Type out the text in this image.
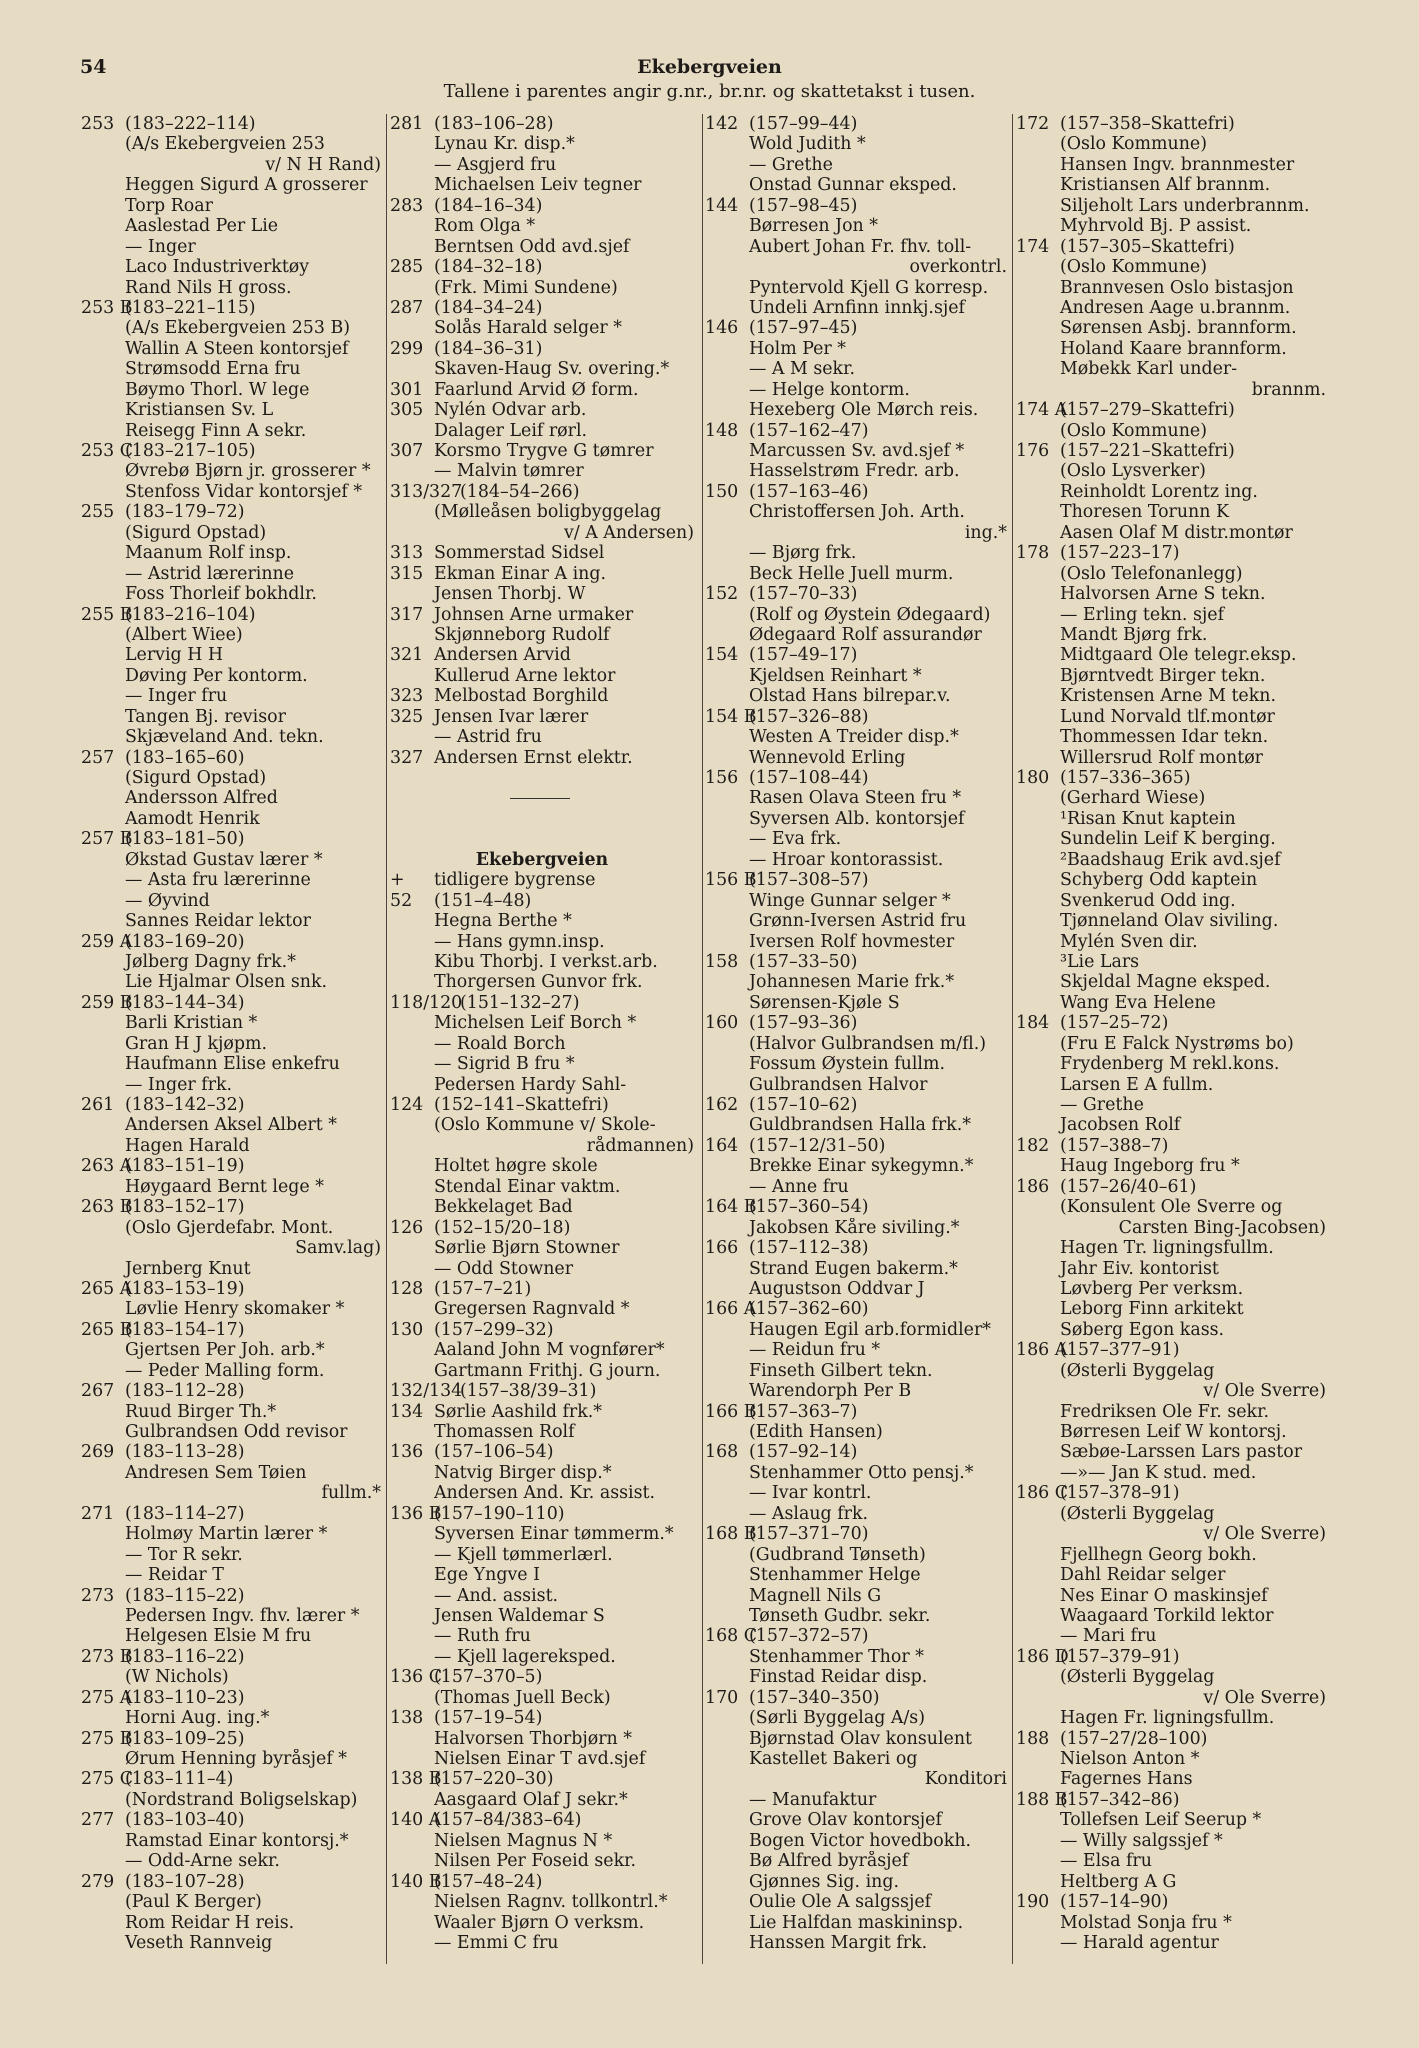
54	Ekebergveien
Tallene i parentes angir g.nr., br.nr. og skattetakst i tusen.
253 (183–222–114)
(A/s Ekebergveien 253
v/ N H Rand)
Heggen Sigurd A grosserer
Torp Roar
Aaslestad Per Lie
— Inger
Laco Industriverktøy
Rand Nils H gross.
253 B(183–221–115)
(A/s Ekebergveien 253 B)
Wallin A Steen kontorsjef
Strømsodd Erna fru
Bøymo Thorl. W lege
Kristiansen Sv. L
Reisegg Finn A sekr.
253 C(183–217–105)
Øvrebø Bjørn jr. grosserer *
Stenfoss Vidar kontorsjef *
255 (183–179–72)
(Sigurd Opstad)
Maanum Rolf insp.
— Astrid lærerinne
Foss Thorleif bokhdlr.
255 B(183–216–104)
(Albert Wiee)
Lervig H H
Døving Per kontorm.
— Inger fru
Tangen Bj. revisor
Skjæveland And. tekn.
257 (183–165–60)
(Sigurd Opstad)
Andersson Alfred
Aamodt Henrik
257 B(183–181–50)
Økstad Gustav lærer *
— Asta fru lærerinne
— Øyvind
Sannes Reidar lektor
259 A(183–169–20)
Jølberg Dagny frk.*
Lie Hjalmar Olsen snk.
259 B(183–144–34)
Barli Kristian *
Gran H J kjøpm.
Haufmann Elise enkefru
— Inger frk.
261 (183–142–32)
Andersen Aksel Albert *
Hagen Harald
263 A(183–151–19)
Høygaard Bernt lege *
263 B(183–152–17)
(Oslo Gjerdefabr. Mont.
Samv.lag)
Jernberg Knut
265 A(183–153–19)
Løvlie Henry skomaker *
265 B(183–154–17)
Gjertsen Per Joh. arb.*
— Peder Malling form.
267 (183–112–28)
Ruud Birger Th.*
Gulbrandsen Odd revisor
269 (183–113–28)
Andresen Sem Tøien
fullm.*
271 (183–114–27)
Holmøy Martin lærer *
— Tor R sekr.
— Reidar T
273 (183–115–22)
Pedersen Ingv. fhv. lærer *
Helgesen Elsie M fru
273 B(183–116–22)
(W Nichols)
275 A(183–110–23)
Horni Aug. ing.*
275 B(183–109–25)
Ørum Henning byråsjef *
275 C(183–111–4)
(Nordstrand Boligselskap)
277 (183–103–40)
Ramstad Einar kontorsj.*
— Odd-Arne sekr.
279 (183–107–28)
(Paul K Berger)
Rom Reidar H reis.
Veseth Rannveig
281 (183–106–28)
Lynau Kr. disp.*
— Asgjerd fru
Michaelsen Leiv tegner
283 (184–16–34)
Rom Olga *
Berntsen Odd avd.sjef
285 (184–32–18)
(Frk. Mimi Sundene)
287 (184–34–24)
Solås Harald selger *
299 (184–36–31)
Skaven-Haug Sv. overing.*
301 Faarlund Arvid Ø form.
305 Nylén Odvar arb.
Dalager Leif rørl.
307 Korsmo Trygve G tømrer
— Malvin tømrer
313/327(184–54–266)
(Mølleåsen boligbyggelag
v/ A Andersen)
313 Sommerstad Sidsel
315 Ekman Einar A ing.
Jensen Thorbj. W
317 Johnsen Arne urmaker
Skjønneborg Rudolf
321 Andersen Arvid
Kullerud Arne lektor
323 Melbostad Borghild
325 Jensen Ivar lærer
— Astrid fru
327 Andersen Ernst elektr.
Ekebergveien
+ tidligere bygrense
52 (151–4–48)
Hegna Berthe *
— Hans gymn.insp.
Kibu Thorbj. I verkst.arb.
Thorgersen Gunvor frk.
118/120(151–132–27)
Michelsen Leif Borch *
— Roald Borch
— Sigrid B fru *
Pedersen Hardy Sahl-
124 (152–141–Skattefri)
(Oslo Kommune v/ Skole-
rådmannen)
Holtet høgre skole
Stendal Einar vaktm.
Bekkelaget Bad
126 (152–15/20–18)
Sørlie Bjørn Stowner
— Odd Stowner
128 (157–7–21)
Gregersen Ragnvald *
130 (157–299–32)
Aaland John M vognfører*
Gartmann Frithj. G journ.
132/134(157–38/39–31)
134 Sørlie Aashild frk.*
Thomassen Rolf
136 (157–106–54)
Natvig Birger disp.*
Andersen And. Kr. assist.
136 B(157–190–110)
Syversen Einar tømmerm.*
— Kjell tømmerlærl.
Ege Yngve I
— And. assist.
Jensen Waldemar S
— Ruth fru
— Kjell lagereksped.
136 C(157–370–5)
(Thomas Juell Beck)
138 (157–19–54)
Halvorsen Thorbjørn *
Nielsen Einar T avd.sjef
138 B(157–220–30)
Aasgaard Olaf J sekr.*
140 A(157–84/383–64)
Nielsen Magnus N *
Nilsen Per Foseid sekr.
140 B(157–48–24)
Nielsen Ragnv. tollkontrl.*
Waaler Bjørn O verksm.
— Emmi C fru
142 (157–99–44)
Wold Judith *
— Grethe
Onstad Gunnar eksped.
144 (157–98–45)
Børresen Jon *
Aubert Johan Fr. fhv. toll-
overkontrl.
Pyntervold Kjell G korresp.
Undeli Arnfinn innkj.sjef
146 (157–97–45)
Holm Per *
— A M sekr.
— Helge kontorm.
Hexeberg Ole Mørch reis.
148 (157–162–47)
Marcussen Sv. avd.sjef *
Hasselstrøm Fredr. arb.
150 (157–163–46)
Christoffersen Joh. Arth.
ing.*
— Bjørg frk.
Beck Helle Juell murm.
152 (157–70–33)
(Rolf og Øystein Ødegaard)
Ødegaard Rolf assurandør
154 (157–49–17)
Kjeldsen Reinhart *
Olstad Hans bilrepar.v.
154 B(157–326–88)
Westen A Treider disp.*
Wennevold Erling
156 (157–108–44)
Rasen Olava Steen fru *
Syversen Alb. kontorsjef
— Eva frk.
— Hroar kontorassist.
156 B(157–308–57)
Winge Gunnar selger *
Grønn-Iversen Astrid fru
Iversen Rolf hovmester
158 (157–33–50)
Johannesen Marie frk.*
Sørensen-Kjøle S
160 (157–93–36)
(Halvor Gulbrandsen m/fl.)
Fossum Øystein fullm.
Gulbrandsen Halvor
162 (157–10–62)
Guldbrandsen Halla frk.*
164 (157–12/31–50)
Brekke Einar sykegymn.*
— Anne fru
164 B(157–360–54)
Jakobsen Kåre siviling.*
166 (157–112–38)
Strand Eugen bakerm.*
Augustson Oddvar J
166 A(157–362–60)
Haugen Egil arb.formidler*
— Reidun fru *
Finseth Gilbert tekn.
Warendorph Per B
166 B(157–363–7)
(Edith Hansen)
168 (157–92–14)
Stenhammer Otto pensj.*
— Ivar kontrl.
— Aslaug frk.
168 B(157–371–70)
(Gudbrand Tønseth)
Stenhammer Helge
Magnell Nils G
Tønseth Gudbr. sekr.
168 C(157–372–57)
Stenhammer Thor *
Finstad Reidar disp.
170 (157–340–350)
(Sørli Byggelag A/s)
Bjørnstad Olav konsulent
Kastellet Bakeri og
Konditori
— Manufaktur
Grove Olav kontorsjef
Bogen Victor hovedbokh.
Bø Alfred byråsjef
Gjønnes Sig. ing.
Oulie Ole A salgssjef
Lie Halfdan maskininsp.
Hanssen Margit frk.
172 (157–358–Skattefri)
(Oslo Kommune)
Hansen Ingv. brannmester
Kristiansen Alf brannm.
Siljeholt Lars underbrannm.
Myhrvold Bj. P assist.
174 (157–305–Skattefri)
(Oslo Kommune)
Brannvesen Oslo bistasjon
Andresen Aage u.brannm.
Sørensen Asbj. brannform.
Holand Kaare brannform.
Møbekk Karl under-
brannm.
174 A(157–279–Skattefri)
(Oslo Kommune)
176 (157–221–Skattefri)
(Oslo Lysverker)
Reinholdt Lorentz ing.
Thoresen Torunn K
Aasen Olaf M distr.montør
178 (157–223–17)
(Oslo Telefonanlegg)
Halvorsen Arne S tekn.
— Erling tekn. sjef
Mandt Bjørg frk.
Midtgaard Ole telegr.eksp.
Bjørntvedt Birger tekn.
Kristensen Arne M tekn.
Lund Norvald tlf.montør
Thommessen Idar tekn.
Willersrud Rolf montør
180 (157–336–365)
(Gerhard Wiese)
¹Risan Knut kaptein
Sundelin Leif K berging.
²Baadshaug Erik avd.sjef
Schyberg Odd kaptein
Svenkerud Odd ing.
Tjønneland Olav siviling.
Mylén Sven dir.
³Lie Lars
Skjeldal Magne eksped.
Wang Eva Helene
184 (157–25–72)
(Fru E Falck Nystrøms bo)
Frydenberg M rekl.kons.
Larsen E A fullm.
— Grethe
Jacobsen Rolf
182 (157–388–7)
Haug Ingeborg fru *
186 (157–26/40–61)
(Konsulent Ole Sverre og
Carsten Bing-Jacobsen)
Hagen Tr. ligningsfullm.
Jahr Eiv. kontorist
Løvberg Per verksm.
Leborg Finn arkitekt
Søberg Egon kass.
186 A(157–377–91)
(Østerli Byggelag
v/ Ole Sverre)
Fredriksen Ole Fr. sekr.
Børresen Leif W kontorsj.
Sæbøe-Larssen Lars pastor
—»— Jan K stud. med.
186 C(157–378–91)
(Østerli Byggelag
v/ Ole Sverre)
Fjellhegn Georg bokh.
Dahl Reidar selger
Nes Einar O maskinsjef
Waagaard Torkild lektor
— Mari fru
186 D(157–379–91)
(Østerli Byggelag
v/ Ole Sverre)
Hagen Fr. ligningsfullm.
188 (157–27/28–100)
Nielson Anton *
Fagernes Hans
188 B(157–342–86)
Tollefsen Leif Seerup *
— Willy salgssjef *
— Elsa fru
Heltberg A G
190 (157–14–90)
Molstad Sonja fru *
— Harald agentur
